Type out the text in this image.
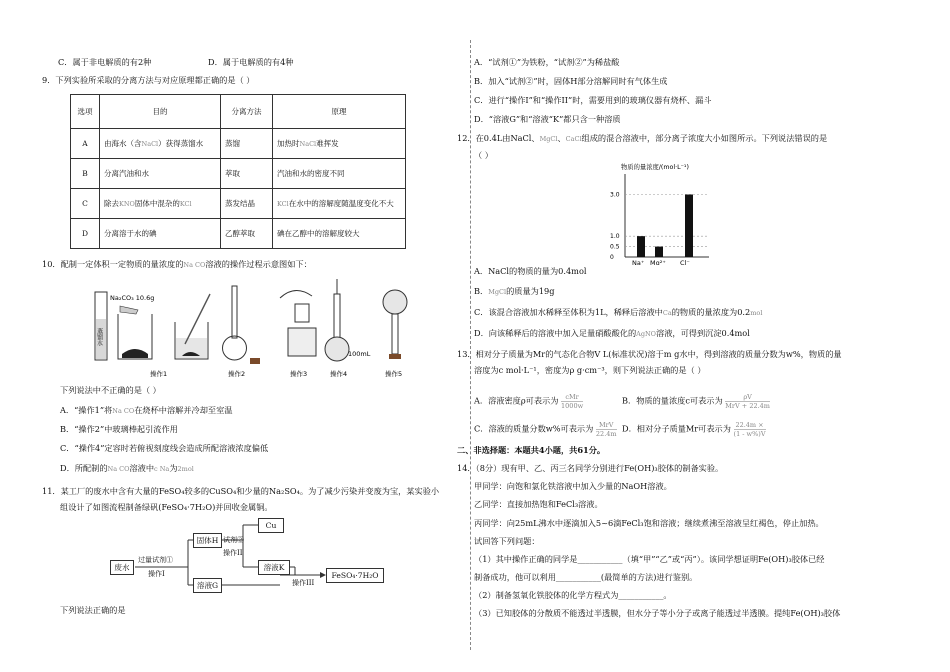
C．属于非电解质的有2种	D．属于电解质的有4种
9．下列实验所采取的分离方法与对应原理都正确的是（ ）
选项	目的	分离方法	原理
A	由海水（含NaCl）获得蒸馏水	蒸馏	加热时NaCl难挥发
B	分离汽油和水	萃取	汽油和水的密度不同
C	除去KNO固体中混杂的KCl	蒸发结晶	KCl在水中的溶解度随温度变化不大
D	分离溶于水的碘	乙醇萃取	碘在乙醇中的溶解度较大
10．配制一定体积一定物质的量浓度的Na CO溶液的操作过程示意图如下：
蒸馏水
Na₂CO₃ 10.6g
操作2	操作3
100mL
操作4	操作5
操作1
下列说法中不正确的是（ ）
A．“操作1”将Na CO在烧杯中溶解并冷却至室温
B．“操作2”中玻璃棒起引流作用
C．“操作4”定容时若俯视刻度线会造成所配溶液浓度偏低
D．所配制的Na CO溶液中c Na为2mol
11．某工厂的废水中含有大量的FeSO₄较多的CuSO₄和少量的Na₂SO₄。为了减少污染并变废为宝，某实验小
组设计了如图流程制备绿矾(FeSO₄·7H₂O)并回收金属铜。
废水
过量试剂①
操作I
固体H 试剂②
操作II
Cu
溶液K
溶液G	操作III
FeSO₄·7H₂O
下列说法正确的是
A．“试剂①”为铁粉，“试剂②”为稀盐酸
B．加入“试剂②”时，固体H部分溶解同时有气体生成
C．进行“操作I”和“操作II”时，需要用到的玻璃仪器有烧杯、漏斗
D．“溶液G”和“溶液“K”都只含一种溶质
12．在0.4L由NaCl、MgCl、CaCl组成的混合溶液中，部分离子浓度大小如图所示。下列说法错误的是
（ ）
物质的量浓度/(mol·L⁻¹)
3.0
1.0
0.5
0
Na⁺ Mg²⁺ Cl⁻
A．NaCl的物质的量为0.4mol
B．MgCl的质量为19g
C．该混合溶液加水稀释至体积为1L，稀释后溶液中Ca的物质的量浓度为0.2mol
D．向该稀释后的溶液中加入足量硝酸酸化的AgNO溶液，可得到沉淀0.4mol
13．相对分子质量为Mr的气态化合物V L(标准状况)溶于m g水中，得到溶液的质量分数为w%，物质的量
溶度为c mol·L⁻¹，密度为ρ g·cm⁻³，则下列说法正确的是（ ）
A．溶液密度ρ可表示为	cMr
1000w
B．物质的量浓度c可表示为	ρV
MrV + 22.4m
C．溶液的质量分数w%可表示为 MrV
22.4m
D．相对分子质量Mr可表示为 $\frac{22.4m \times}{(1 - w\%)V}$
二、非选择题：本题共4小题，共61分。
14．（8分）现有甲、乙、丙三名同学分别进行Fe(OH)₃胶体的制备实验。
甲同学：向饱和氯化铁溶液中加入少量的NaOH溶液。
乙同学：直接加热饱和FeCl₃溶液。
丙同学：向25mL沸水中逐滴加入5~6滴FeCl₃饱和溶液；继续煮沸至溶液呈红褐色，停止加热。
试回答下列问题：
（1）其中操作正确的同学是___________（填“甲”“乙”或“丙”）。该同学想证明Fe(OH)₃胶体已经
制备成功，他可以利用___________(最简单的方法)进行鉴别。
（2）制备氢氧化铁胶体的化学方程式为___________。
（3）已知胶体的分散质不能透过半透膜，但水分子等小分子或离子能透过半透膜。提纯Fe(OH)₃胶体
